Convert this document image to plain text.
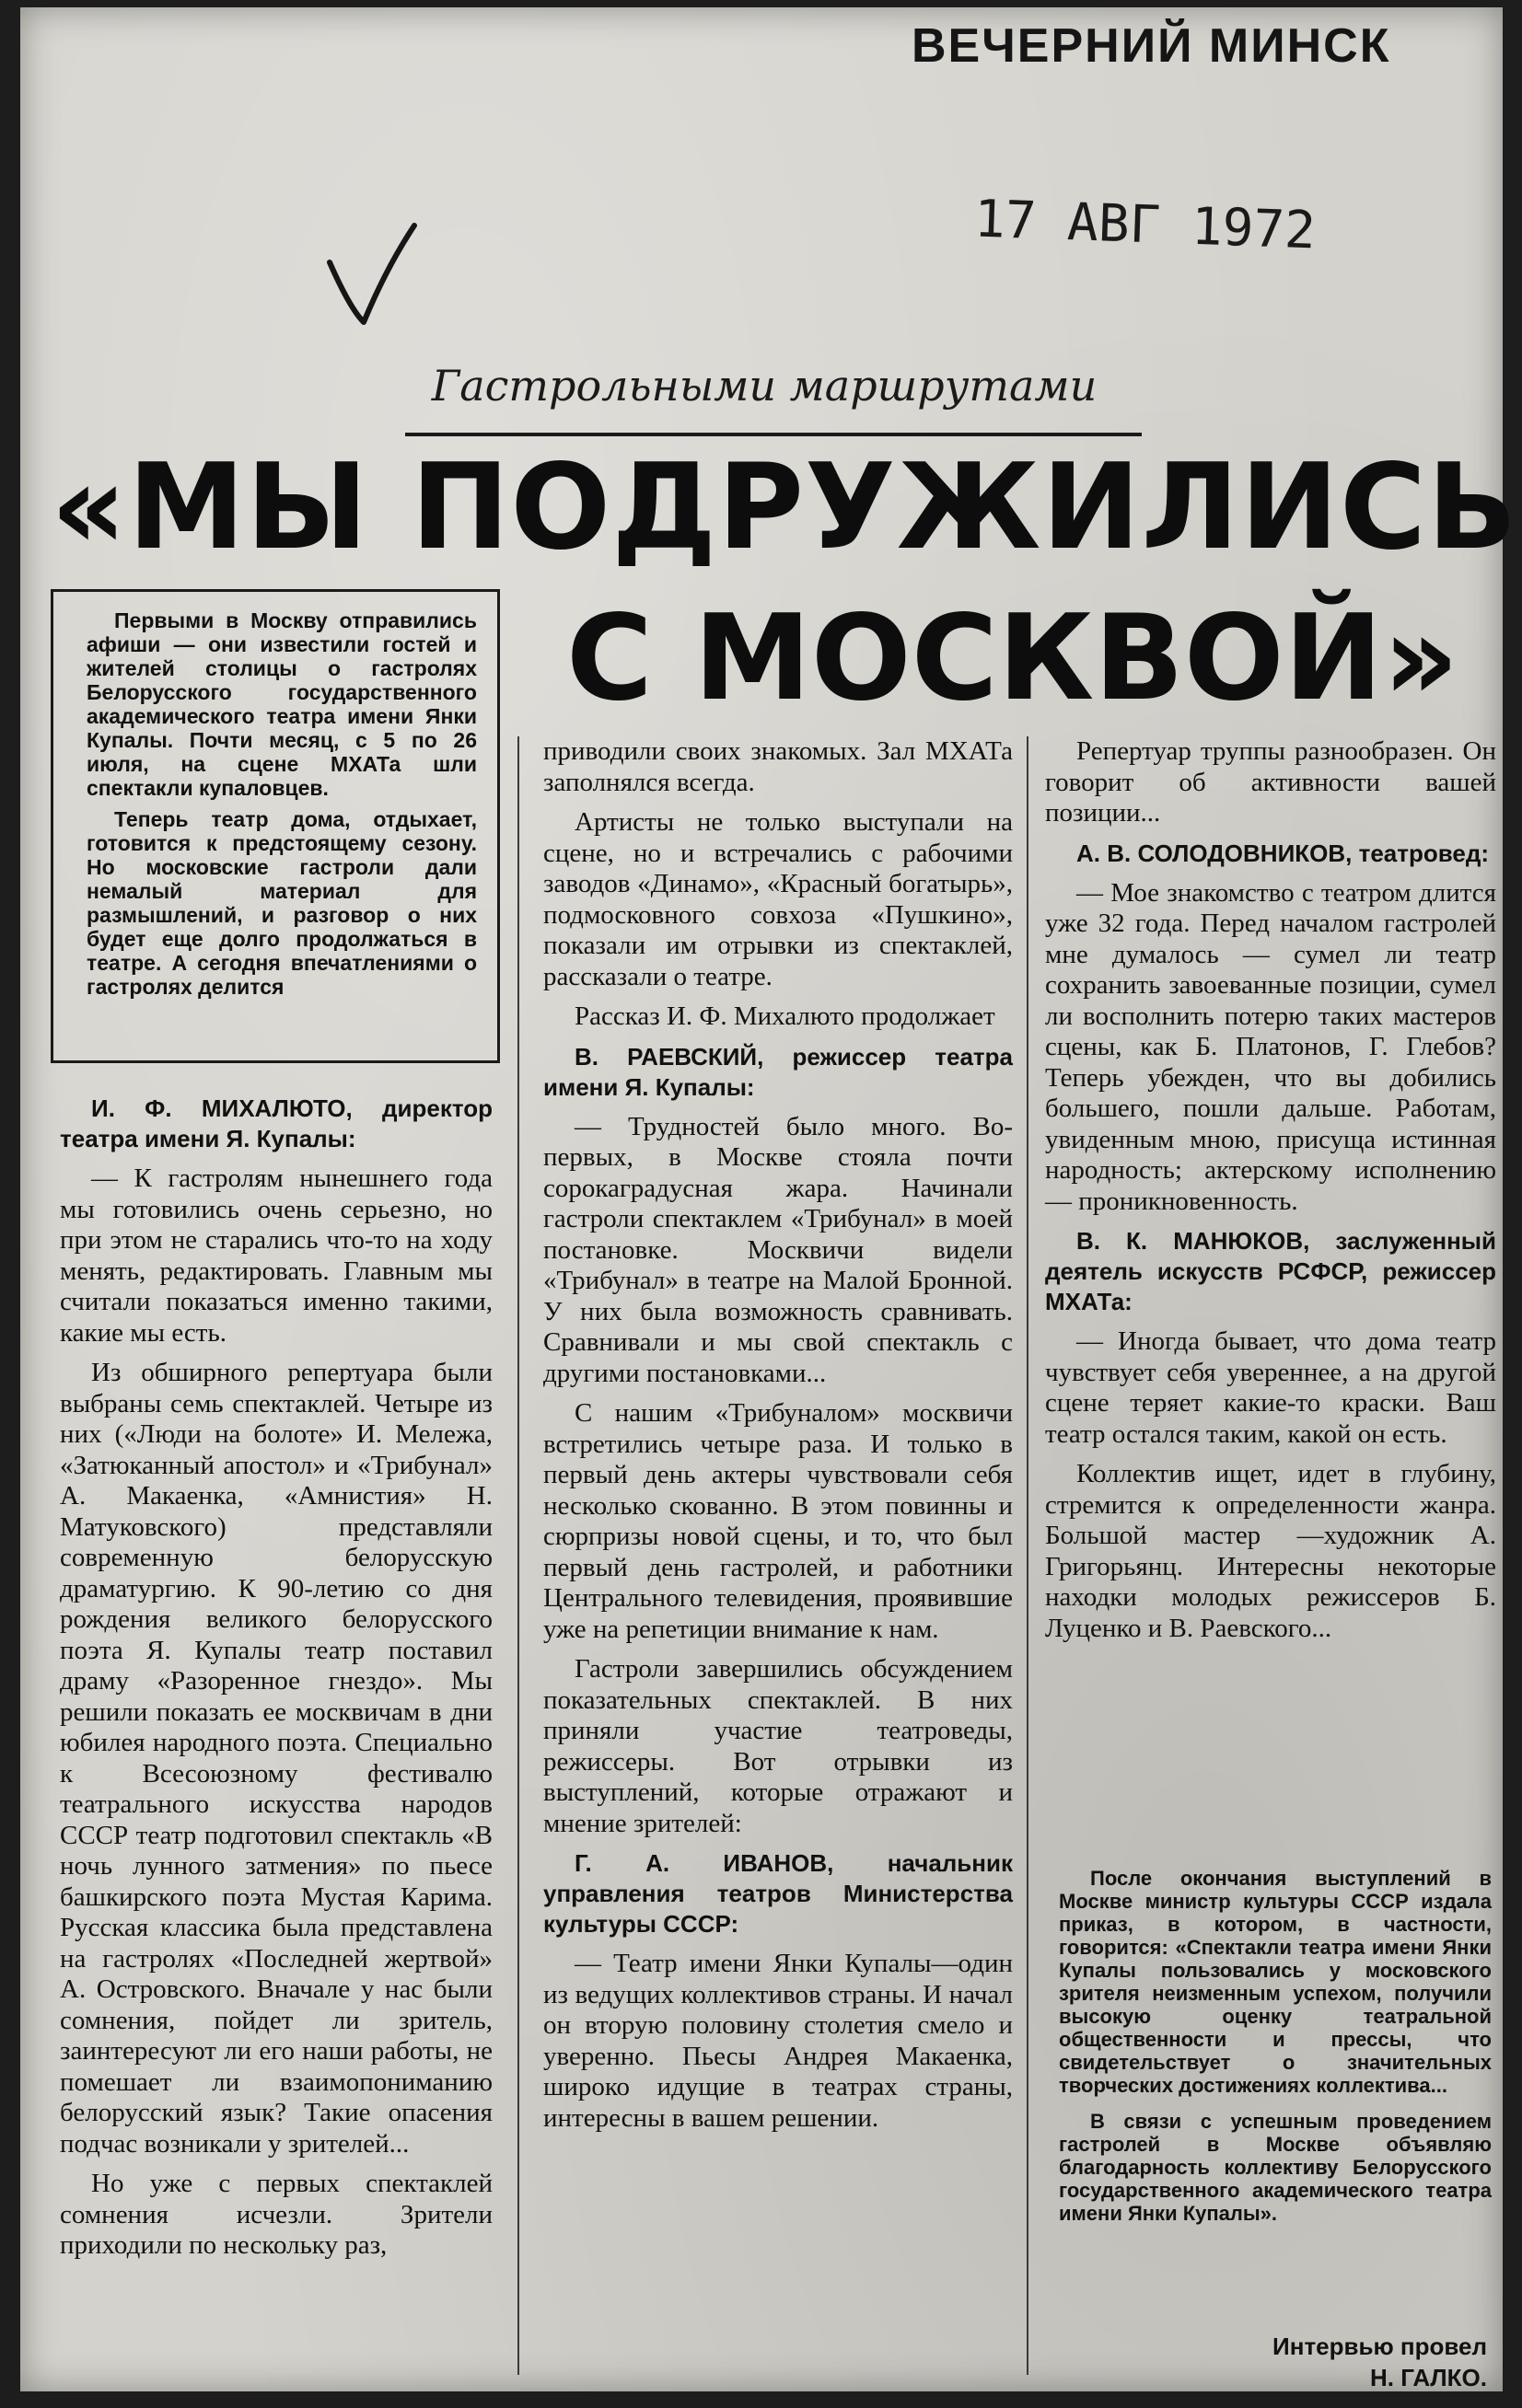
ВЕЧЕРНИЙ МИНСК
17 АВГ 1972
Гастрольными маршрутами
«МЫ ПОДРУЖИЛИСЬ
С МОСКВОЙ»

Первыми в Москву отправились афиши — они известили гостей и жителей столицы о гастролях Белорусского государственного академического театра имени Янки Купалы. Почти месяц, с 5 по 26 июля, на сцене МХАТа шли спектакли купаловцев.

Теперь театр дома, отдыхает, готовится к предстоящему сезону. Но московские гастроли дали немалый материал для размышлений, и разговор о них будет еще долго продолжаться в театре. А сегодня впечатлениями о гастролях делится

И. Ф. МИХАЛЮТО, директор театра имени Я. Купалы:

— К гастролям нынешнего года мы готовились очень серьезно, но при этом не старались что-то на ходу менять, редактировать. Главным мы считали показаться именно такими, какие мы есть.

Из обширного репертуара были выбраны семь спектаклей. Четыре из них («Люди на болоте» И. Мележа, «Затюканный апостол» и «Трибунал» А. Макаенка, «Амнистия» Н. Матуковского) представляли современную белорусскую драматургию. К 90-летию со дня рождения великого белорусского поэта Я. Купалы театр поставил драму «Разоренное гнездо». Мы решили показать ее москвичам в дни юбилея народного поэта. Специально к Всесоюзному фестивалю театрального искусства народов СССР театр подготовил спектакль «В ночь лунного затмения» по пьесе башкирского поэта Мустая Карима. Русская классика была представлена на гастролях «Последней жертвой» А. Островского. Вначале у нас были сомнения, пойдет ли зритель, заинтересуют ли его наши работы, не помешает ли взаимопониманию белорусский язык? Такие опасения подчас возникали у зрителей...

Но уже с первых спектаклей сомнения исчезли. Зрители приходили по нескольку раз,

приводили своих знакомых. Зал МХАТа заполнялся всегда.

Артисты не только выступали на сцене, но и встречались с рабочими заводов «Динамо», «Красный богатырь», подмосковного совхоза «Пушкино», показали им отрывки из спектаклей, рассказали о театре.

Рассказ И. Ф. Михалюто продолжает

В. РАЕВСКИЙ, режиссер театра имени Я. Купалы:

— Трудностей было много. Во-первых, в Москве стояла почти сорокаградусная жара. Начинали гастроли спектаклем «Трибунал» в моей постановке. Москвичи видели «Трибунал» в театре на Малой Бронной. У них была возможность сравнивать. Сравнивали и мы свой спектакль с другими постановками...

С нашим «Трибуналом» москвичи встретились четыре раза. И только в первый день актеры чувствовали себя несколько скованно. В этом повинны и сюрпризы новой сцены, и то, что был первый день гастролей, и работники Центрального телевидения, проявившие уже на репетиции внимание к нам.

Гастроли завершились обсуждением показательных спектаклей. В них приняли участие театроведы, режиссеры. Вот отрывки из выступлений, которые отражают и мнение зрителей:

Г. А. ИВАНОВ, начальник управления театров Министерства культуры СССР:

— Театр имени Янки Купалы—один из ведущих коллективов страны. И начал он вторую половину столетия смело и уверенно. Пьесы Андрея Макаенка, широко идущие в театрах страны, интересны в вашем решении.

Репертуар труппы разнообразен. Он говорит об активности вашей позиции...

А. В. СОЛОДОВНИКОВ, театровед:

— Мое знакомство с театром длится уже 32 года. Перед началом гастролей мне думалось — сумел ли театр сохранить завоеванные позиции, сумел ли восполнить потерю таких мастеров сцены, как Б. Платонов, Г. Глебов? Теперь убежден, что вы добились большего, пошли дальше. Работам, увиденным мною, присуща истинная народность; актерскому исполнению — проникновенность.

В. К. МАНЮКОВ, заслуженный деятель искусств РСФСР, режиссер МХАТа:

— Иногда бывает, что дома театр чувствует себя увереннее, а на другой сцене теряет какие-то краски. Ваш театр остался таким, какой он есть.

Коллектив ищет, идет в глубину, стремится к определенности жанра. Большой мастер —художник А. Григорьянц. Интересны некоторые находки молодых режиссеров Б. Луценко и В. Раевского...

После окончания выступлений в Москве министр культуры СССР издала приказ, в котором, в частности, говорится: «Спектакли театра имени Янки Купалы пользовались у московского зрителя неизменным успехом, получили высокую оценку театральной общественности и прессы, что свидетельствует о значительных творческих достижениях коллектива...

В связи с успешным проведением гастролей в Москве объявляю благодарность коллективу Белорусского государственного академического театра имени Янки Купалы».

Интервью провел
Н. ГАЛКО.
